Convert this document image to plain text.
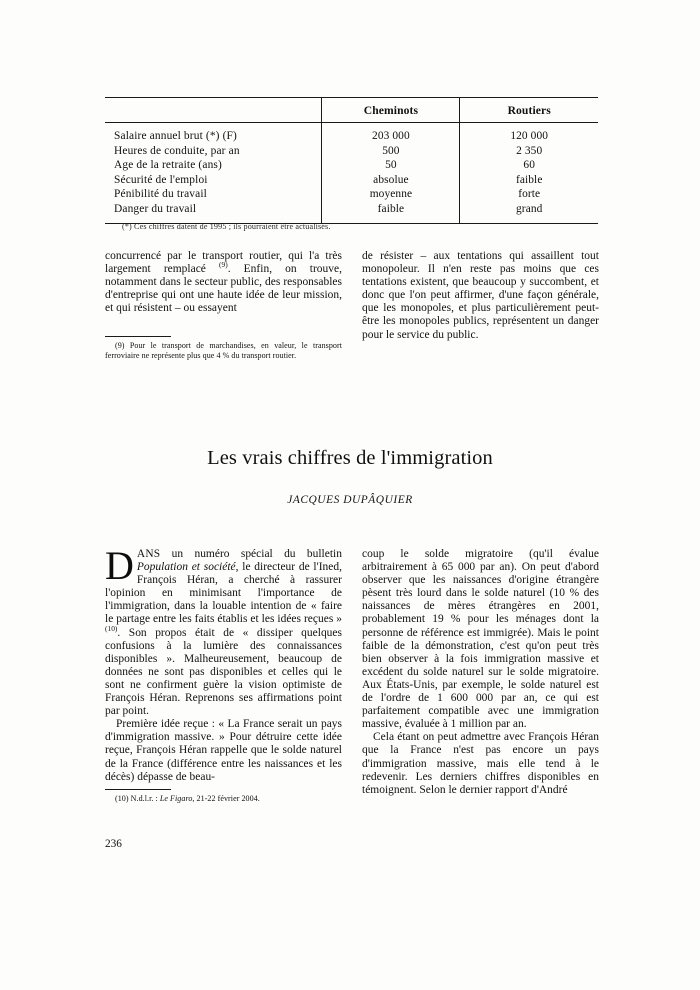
	Cheminots	Routiers
Salaire annuel brut (*) (F)	203 000	120 000
Heures de conduite, par an	500	2 350
Age de la retraite (ans)	50	60
Sécurité de l'emploi	absolue	faible
Pénibilité du travail	moyenne	forte
Danger du travail	faible	grand
(*) Ces chiffres datent de 1995 ; ils pourraient être actualisés.

concurrencé par le transport routier, qui l'a très largement remplacé $^{(9)}$. Enfin, on trouve, notamment dans le secteur public, des responsables d'entreprise qui ont une haute idée de leur mission, et qui résistent – ou essayent

de résister – aux tentations qui assaillent tout monopoleur. Il n'en reste pas moins que ces tentations existent, que beaucoup y succombent, et donc que l'on peut affirmer, d'une façon générale, que les monopoles, et plus particulièrement peut-être les monopoles publics, représentent un danger pour le service du public.

(9) Pour le transport de marchandises, en valeur, le transport ferroviaire ne représente plus que 4 % du transport routier.

Les vrais chiffres de l'immigration
JACQUES DUPÂQUIER

DANS un numéro spécial du bulletin Population et société, le directeur de l'Ined, François Héran, a cherché à rassurer l'opinion en minimisant l'importance de l'immigration, dans la louable intention de « faire le partage entre les faits établis et les idées reçues » $^{(10)}$. Son propos était de « dissiper quelques confusions à la lumière des connaissances disponibles ». Malheureusement, beaucoup de données ne sont pas disponibles et celles qui le sont ne confirment guère la vision optimiste de François Héran. Reprenons ses affirmations point par point.

Première idée reçue : « La France serait un pays d'immigration massive. » Pour détruire cette idée reçue, François Héran rappelle que le solde naturel de la France (différence entre les naissances et les décès) dépasse de beau-

coup le solde migratoire (qu'il évalue arbitrairement à 65 000 par an). On peut d'abord observer que les naissances d'origine étrangère pèsent très lourd dans le solde naturel (10 % des naissances de mères étrangères en 2001, probablement 19 % pour les ménages dont la personne de référence est immigrée). Mais le point faible de la démonstration, c'est qu'on peut très bien observer à la fois immigration massive et excédent du solde naturel sur le solde migratoire. Aux États-Unis, par exemple, le solde naturel est de l'ordre de 1 600 000 par an, ce qui est parfaitement compatible avec une immigration massive, évaluée à 1 million par an.

Cela étant on peut admettre avec François Héran que la France n'est pas encore un pays d'immigration massive, mais elle tend à le redevenir. Les derniers chiffres disponibles en témoignent. Selon le dernier rapport d'André

(10) N.d.l.r. : Le Figaro, 21-22 février 2004.

236
